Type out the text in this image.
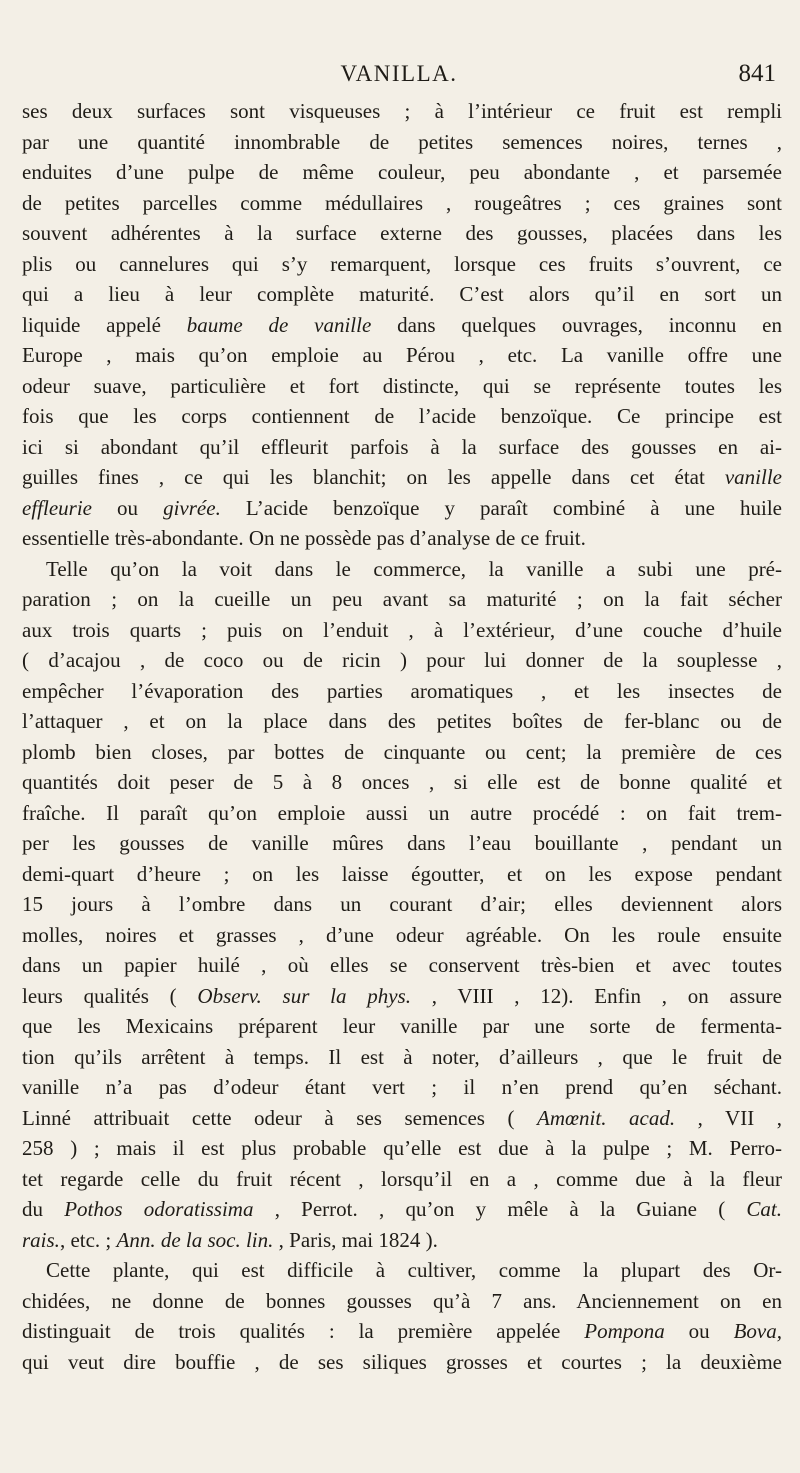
VANILLA.	841
ses deux surfaces sont visqueuses ; à l’intérieur ce fruit est rempli
par une quantité innombrable de petites semences noires, ternes ,
enduites d’une pulpe de même couleur, peu abondante , et parsemée
de petites parcelles comme médullaires , rougeâtres ; ces graines sont
souvent adhérentes à la surface externe des gousses, placées dans les
plis ou cannelures qui s’y remarquent, lorsque ces fruits s’ouvrent, ce
qui a lieu à leur complète maturité. C’est alors qu’il en sort un
liquide appelé baume de vanille dans quelques ouvrages, inconnu en
Europe , mais qu’on emploie au Pérou , etc. La vanille offre une
odeur suave, particulière et fort distincte, qui se représente toutes les
fois que les corps contiennent de l’acide benzoïque. Ce principe est
ici si abondant qu’il effleurit parfois à la surface des gousses en ai-
guilles fines , ce qui les blanchit; on les appelle dans cet état vanille
effleurie ou givrée. L’acide benzoïque y paraît combiné à une huile
essentielle très-abondante. On ne possède pas d’analyse de ce fruit.
Telle qu’on la voit dans le commerce, la vanille a subi une pré-
paration ; on la cueille un peu avant sa maturité ; on la fait sécher
aux trois quarts ; puis on l’enduit , à l’extérieur, d’une couche d’huile
( d’acajou , de coco ou de ricin ) pour lui donner de la souplesse ,
empêcher l’évaporation des parties aromatiques , et les insectes de
l’attaquer , et on la place dans des petites boîtes de fer-blanc ou de
plomb bien closes, par bottes de cinquante ou cent; la première de ces
quantités doit peser de 5 à 8 onces , si elle est de bonne qualité et
fraîche. Il paraît qu’on emploie aussi un autre procédé : on fait trem-
per les gousses de vanille mûres dans l’eau bouillante , pendant un
demi-quart d’heure ; on les laisse égoutter, et on les expose pendant
15 jours à l’ombre dans un courant d’air; elles deviennent alors
molles, noires et grasses , d’une odeur agréable. On les roule ensuite
dans un papier huilé , où elles se conservent très-bien et avec toutes
leurs qualités ( Observ. sur la phys. , VIII , 12). Enfin , on assure
que les Mexicains préparent leur vanille par une sorte de fermenta-
tion qu’ils arrêtent à temps. Il est à noter, d’ailleurs , que le fruit de
vanille n’a pas d’odeur étant vert ; il n’en prend qu’en séchant.
Linné attribuait cette odeur à ses semences ( Amœnit. acad. , VII ,
258 ) ; mais il est plus probable qu’elle est due à la pulpe ; M. Perro-
tet regarde celle du fruit récent , lorsqu’il en a , comme due à la fleur
du Pothos odoratissima , Perrot. , qu’on y mêle à la Guiane ( Cat.
rais., etc. ; Ann. de la soc. lin. , Paris, mai 1824 ).
Cette plante, qui est difficile à cultiver, comme la plupart des Or-
chidées, ne donne de bonnes gousses qu’à 7 ans. Anciennement on en
distinguait de trois qualités : la première appelée Pompona ou Bova,
qui veut dire bouffie , de ses siliques grosses et courtes ; la deuxième
